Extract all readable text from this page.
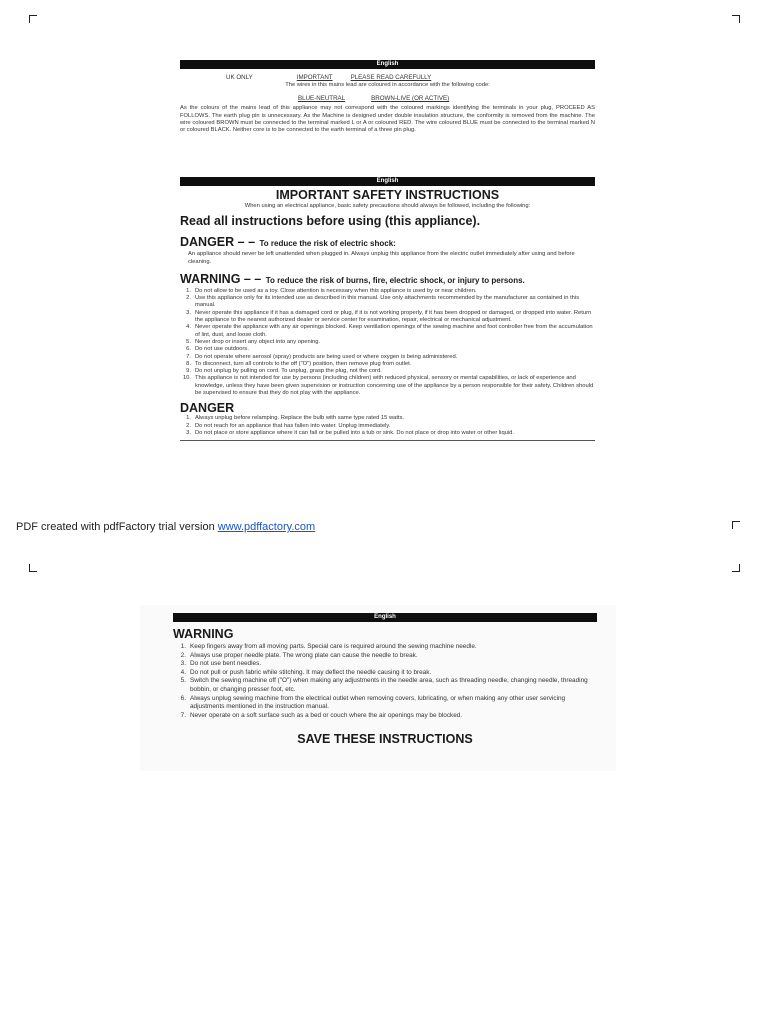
English
UK ONLY	IMPORTANT	PLEASE READ CAREFULLY
The wires in this mains lead are coloured in accordance with the following code:
BLUE-NEUTRAL	BROWN-LIVE (OR ACTIVE)
As the colours of the mains lead of this appliance may not correspond with the coloured markings identifying the terminals in your plug, PROCEED AS FOLLOWS. The earth plug pin is unnecessary. As the Machine is designed under double insulation structure, the conformity is removed from the machine. The wire coloured BROWN must be connected to the terminal marked L or A or coloured RED. The wire coloured BLUE must be connected to the terminal marked N or coloured BLACK. Neither core is to be connected to the earth terminal of a three pin plug.
English
IMPORTANT SAFETY INSTRUCTIONS
When using an electrical appliance, basic safety precautions should always be followed, including the following:
Read all instructions before using (this appliance).
DANGER – – To reduce the risk of electric shock:
An appliance should never be left unattended when plugged in. Always unplug this appliance from the electric outlet immediately after using and before cleaning.
WARNING – – To reduce the risk of burns, fire, electric shock, or injury to persons.
1. Do not allow to be used as a toy. Close attention is necessary when this appliance is used by or near children.
2. Use this appliance only for its intended use as described in this manual. Use only attachments recommended by the manufacturer as contained in this manual.
3. Never operate this appliance if it has a damaged cord or plug, if it is not working properly, if it has been dropped or damaged, or dropped into water. Return the appliance to the nearest authorized dealer or service center for examination, repair, electrical or mechanical adjustment.
4. Never operate the appliance with any air openings blocked. Keep ventilation openings of the sewing machine and foot controller free from the accumulation of lint, dust, and loose cloth.
5. Never drop or insert any object into any opening.
6. Do not use outdoors.
7. Do not operate where aerosol (spray) products are being used or where oxygen is being administered.
8. To disconnect, turn all controls to the off ("O") position, then remove plug from outlet.
9. Do not unplug by pulling on cord. To unplug, grasp the plug, not the cord.
10. This appliance is not intended for use by persons (including children) with reduced physical, sensory or mental capabilities, or lack of experience and knowledge, unless they have been given supervision or instruction concerning use of the appliance by a person responsible for their safety. Children should be supervised to ensure that they do not play with the appliance.
DANGER
1. Always unplug before relamping. Replace the bulb with same type rated 15 watts.
2. Do not reach for an appliance that has fallen into water. Unplug immediately.
3. Do not place or store appliance where it can fall or be pulled into a tub or sink. Do not place or drop into water or other liquid.
PDF created with pdfFactory trial version www.pdffactory.com
English
WARNING
1. Keep fingers away from all moving parts. Special care is required around the sewing machine needle.
2. Always use proper needle plate. The wrong plate can cause the needle to break.
3. Do not use bent needles.
4. Do not pull or push fabric while stitching. It may deflect the needle causing it to break.
5. Switch the sewing machine off ("O") when making any adjustments in the needle area, such as threading needle, changing needle, threading bobbin, or changing presser foot, etc.
6. Always unplug sewing machine from the electrical outlet when removing covers, lubricating, or when making any other user servicing adjustments mentioned in the instruction manual.
7. Never operate on a soft surface such as a bed or couch where the air openings may be blocked.
SAVE THESE INSTRUCTIONS
